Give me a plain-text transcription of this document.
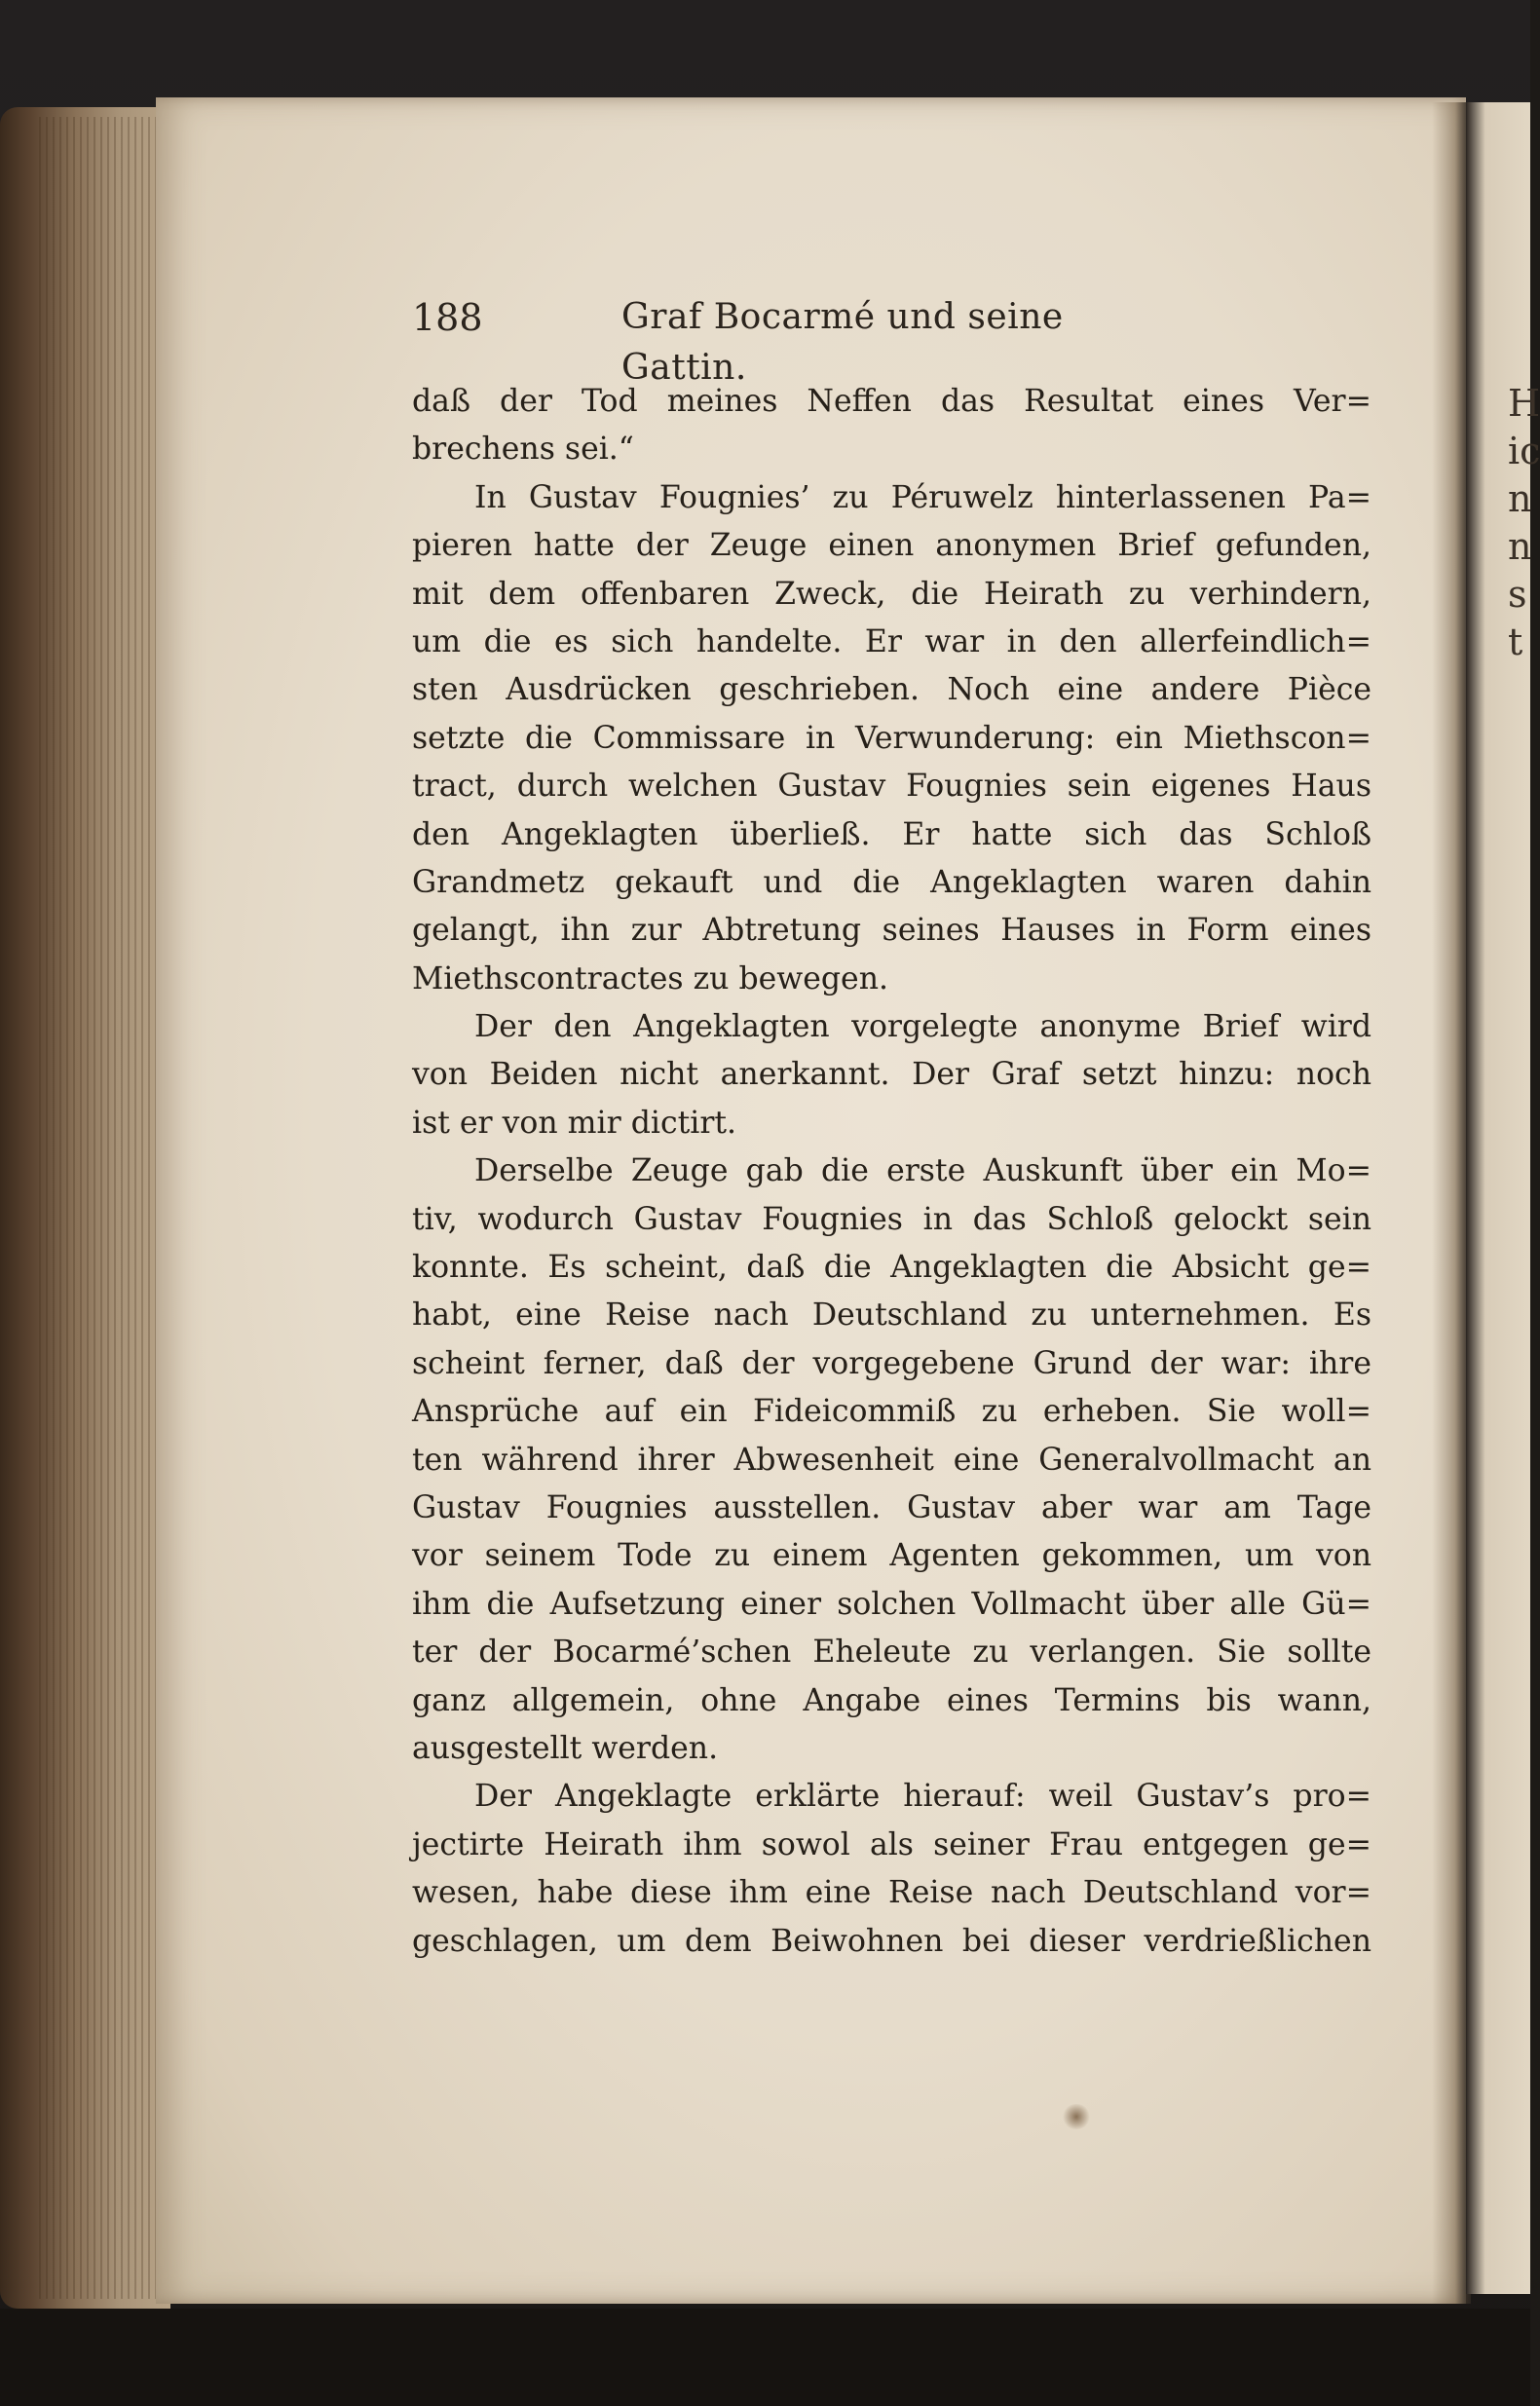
H
ic
n
n
s
t
188	Graf Bocarmé und seine Gattin.
daß der Tod meines Neffen das Resultat eines Ver=
brechens sei.“
In Gustav Fougnies’ zu Péruwelz hinterlassenen Pa=
pieren hatte der Zeuge einen anonymen Brief gefunden,
mit dem offenbaren Zweck, die Heirath zu verhindern,
um die es sich handelte. Er war in den allerfeindlich=
sten Ausdrücken geschrieben. Noch eine andere Pièce
setzte die Commissare in Verwunderung: ein Miethscon=
tract, durch welchen Gustav Fougnies sein eigenes Haus
den Angeklagten überließ. Er hatte sich das Schloß
Grandmetz gekauft und die Angeklagten waren dahin
gelangt, ihn zur Abtretung seines Hauses in Form eines
Miethscontractes zu bewegen.
Der den Angeklagten vorgelegte anonyme Brief wird
von Beiden nicht anerkannt. Der Graf setzt hinzu: noch
ist er von mir dictirt.
Derselbe Zeuge gab die erste Auskunft über ein Mo=
tiv, wodurch Gustav Fougnies in das Schloß gelockt sein
konnte. Es scheint, daß die Angeklagten die Absicht ge=
habt, eine Reise nach Deutschland zu unternehmen. Es
scheint ferner, daß der vorgegebene Grund der war: ihre
Ansprüche auf ein Fideicommiß zu erheben. Sie woll=
ten während ihrer Abwesenheit eine Generalvollmacht an
Gustav Fougnies ausstellen. Gustav aber war am Tage
vor seinem Tode zu einem Agenten gekommen, um von
ihm die Aufsetzung einer solchen Vollmacht über alle Gü=
ter der Bocarmé’schen Eheleute zu verlangen. Sie sollte
ganz allgemein, ohne Angabe eines Termins bis wann,
ausgestellt werden.
Der Angeklagte erklärte hierauf: weil Gustav’s pro=
jectirte Heirath ihm sowol als seiner Frau entgegen ge=
wesen, habe diese ihm eine Reise nach Deutschland vor=
geschlagen, um dem Beiwohnen bei dieser verdrießlichen
